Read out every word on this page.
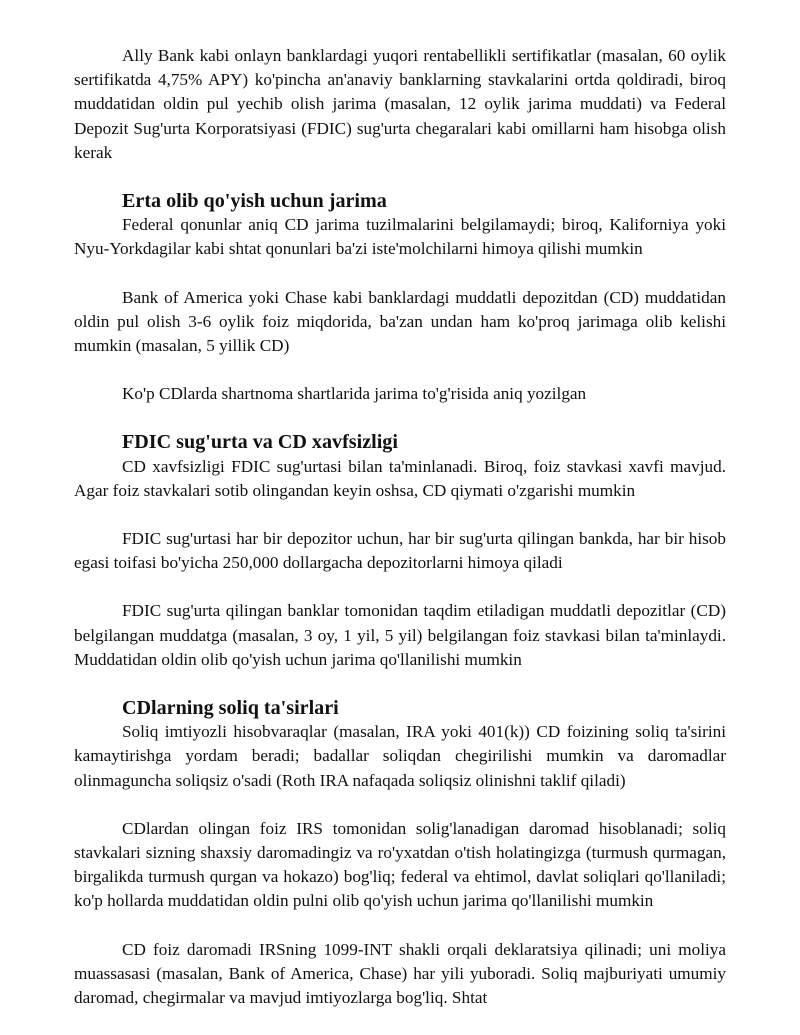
Ally Bank kabi onlayn banklardagi yuqori rentabellikli sertifikatlar (masalan, 60 oylik sertifikatda 4,75% APY) ko'pincha an'anaviy banklarning stavkalarini ortda qoldiradi, biroq muddatidan oldin pul yechib olish jarima (masalan, 12 oylik jarima muddati) va Federal Depozit Sug'urta Korporatsiyasi (FDIC) sug'urta chegaralari kabi omillarni ham hisobga olish kerak

Erta olib qo'yish uchun jarima

Federal qonunlar aniq CD jarima tuzilmalarini belgilamaydi; biroq, Kaliforniya yoki Nyu-Yorkdagilar kabi shtat qonunlari ba'zi iste'molchilarni himoya qilishi mumkin

Bank of America yoki Chase kabi banklardagi muddatli depozitdan (CD) muddatidan oldin pul olish 3-6 oylik foiz miqdorida, ba'zan undan ham ko'proq jarimaga olib kelishi mumkin (masalan, 5 yillik CD)

Ko'p CDlarda shartnoma shartlarida jarima to'g'risida aniq yozilgan

FDIC sug'urta va CD xavfsizligi

CD xavfsizligi FDIC sug'urtasi bilan ta'minlanadi. Biroq, foiz stavkasi xavfi mavjud. Agar foiz stavkalari sotib olingandan keyin oshsa, CD qiymati o'zgarishi mumkin

FDIC sug'urtasi har bir depozitor uchun, har bir sug'urta qilingan bankda, har bir hisob egasi toifasi bo'yicha 250,000 dollargacha depozitorlarni himoya qiladi

FDIC sug'urta qilingan banklar tomonidan taqdim etiladigan muddatli depozitlar (CD) belgilangan muddatga (masalan, 3 oy, 1 yil, 5 yil) belgilangan foiz stavkasi bilan ta'minlaydi. Muddatidan oldin olib qo'yish uchun jarima qo'llanilishi mumkin

CDlarning soliq ta'sirlari

Soliq imtiyozli hisobvaraqlar (masalan, IRA yoki 401(k)) CD foizining soliq ta'sirini kamaytirishga yordam beradi; badallar soliqdan chegirilishi mumkin va daromadlar olinmaguncha soliqsiz o'sadi (Roth IRA nafaqada soliqsiz olinishni taklif qiladi)

CDlardan olingan foiz IRS tomonidan solig'lanadigan daromad hisoblanadi; soliq stavkalari sizning shaxsiy daromadingiz va ro'yxatdan o'tish holatingizga (turmush qurmagan, birgalikda turmush qurgan va hokazo) bog'liq; federal va ehtimol, davlat soliqlari qo'llaniladi; ko'p hollarda muddatidan oldin pulni olib qo'yish uchun jarima qo'llanilishi mumkin

CD foiz daromadi IRSning 1099-INT shakli orqali deklaratsiya qilinadi; uni moliya muassasasi (masalan, Bank of America, Chase) har yili yuboradi. Soliq majburiyati umumiy daromad, chegirmalar va mavjud imtiyozlarga bog'liq. Shtat
